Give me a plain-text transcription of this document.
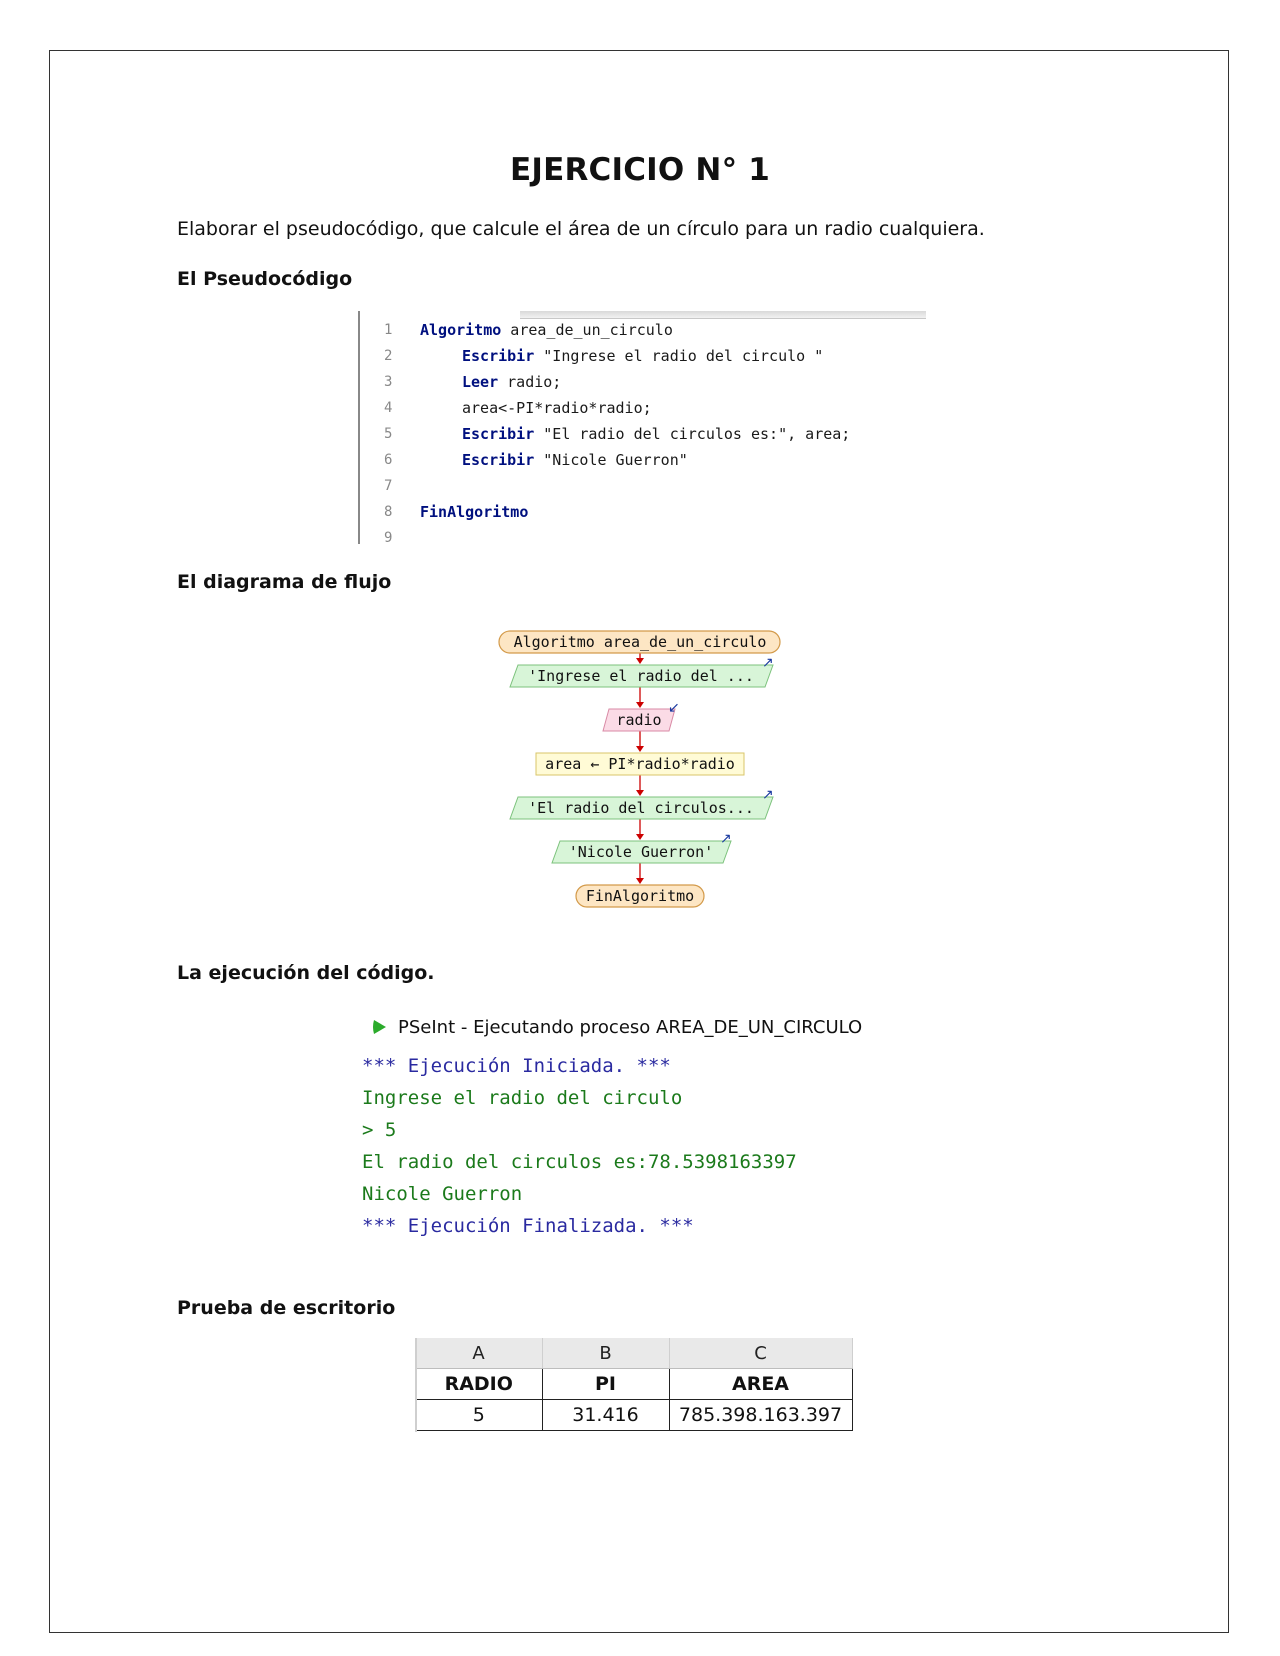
EJERCICIO N° 1
Elaborar el pseudocódigo, que calcule el área de un círculo para un radio cualquiera.
El Pseudocódigo
1	Algoritmo area_de_un_circulo
2	Escribir "Ingrese el radio del circulo "
3	Leer radio;
4	area<-PI*radio*radio;
5	Escribir "El radio del circulos es:", area;
6	Escribir "Nicole Guerron"
7
8	FinAlgoritmo
9
El diagrama de flujo
Algoritmo area_de_un_circulo
'Ingrese el radio del ...
↗
radio
↙
area ← PI*radio*radio
'El radio del circulos...
↗
'Nicole Guerron'
↗
FinAlgoritmo
La ejecución del código.
PSeInt - Ejecutando proceso AREA_DE_UN_CIRCULO
*** Ejecución Iniciada. ***
Ingrese el radio del circulo
> 5
El radio del circulos es:78.5398163397
Nicole Guerron
*** Ejecución Finalizada. ***
Prueba de escritorio
A	B	C
RADIO	PI	AREA
5	31.416	785.398.163.397
